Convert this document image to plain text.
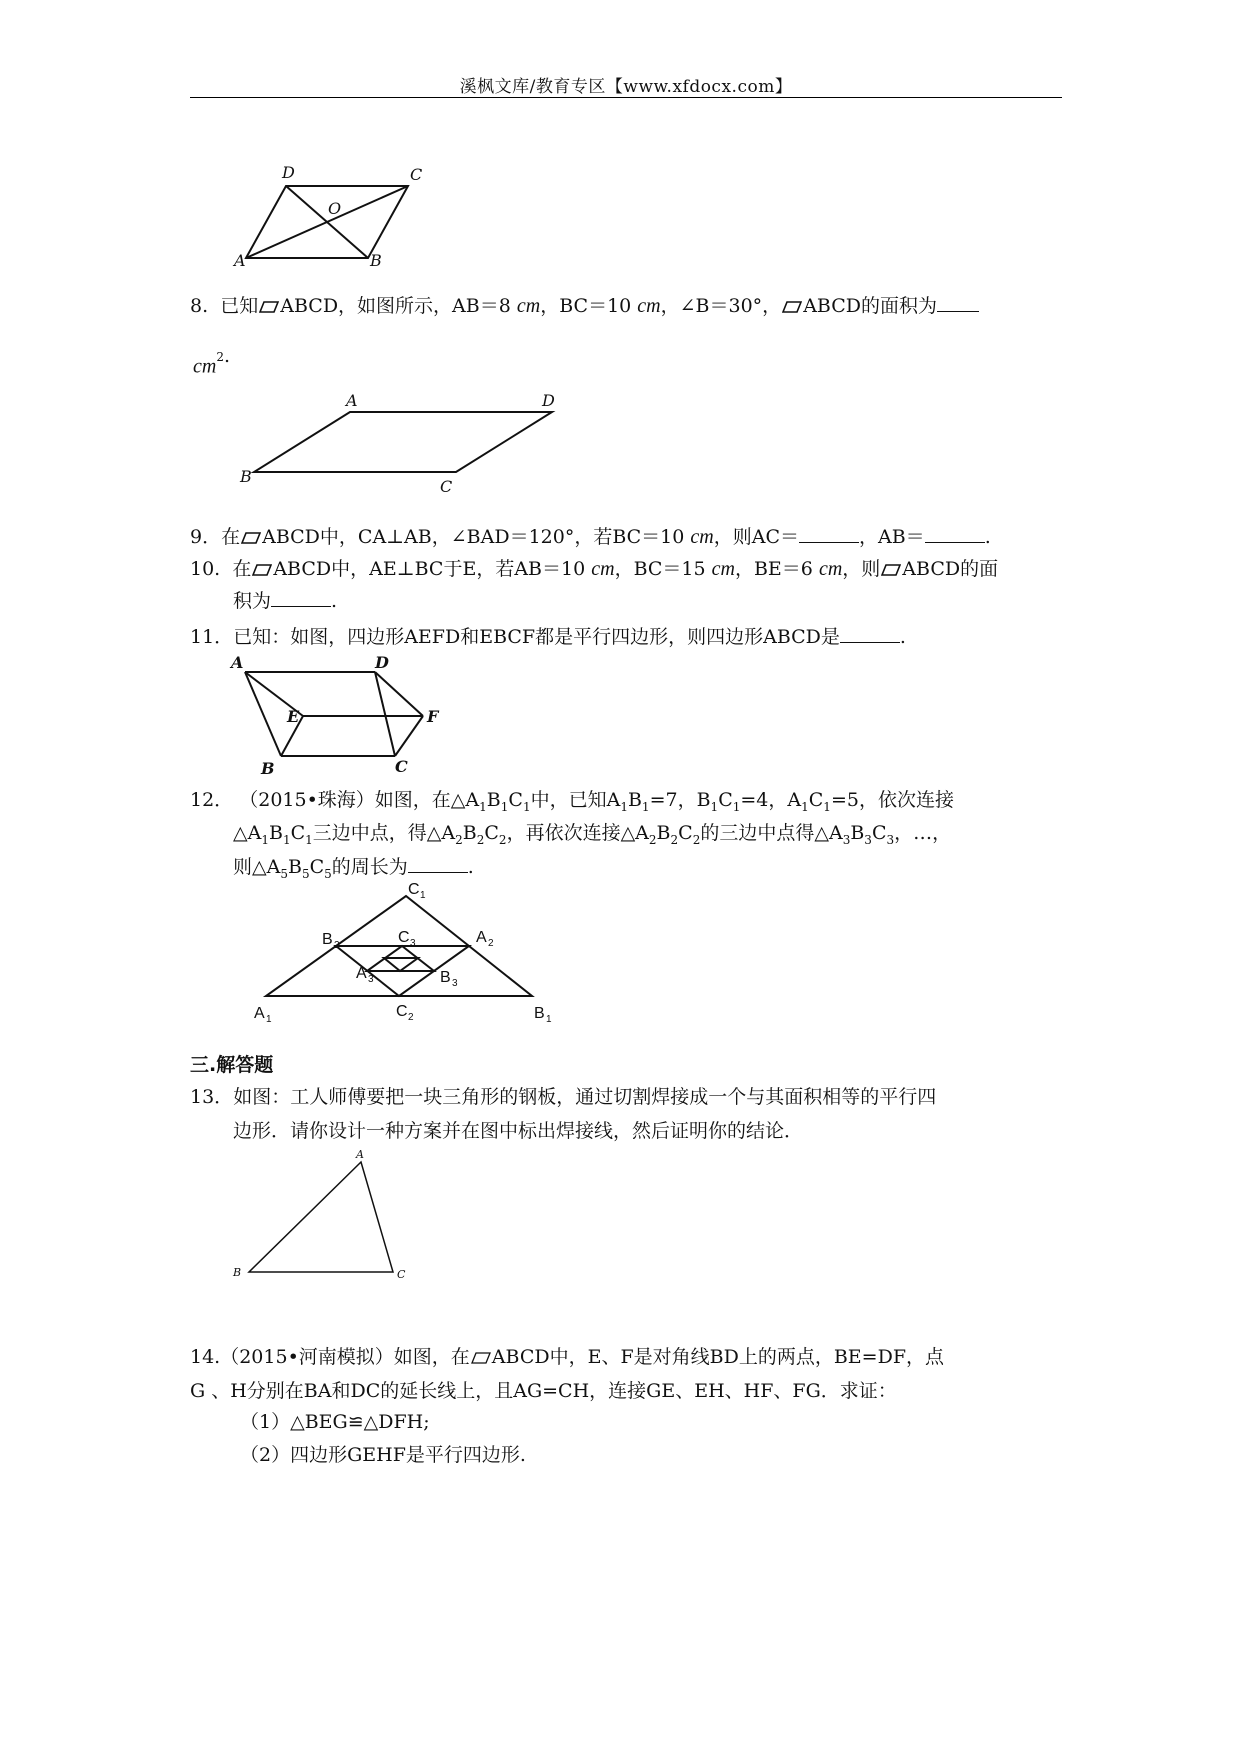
溪枫文库/教育专区【www.xfdocx.com】
D	C
O
A	B
8. 已知 ABCD，如图所示，AB＝8 cm，BC＝10 cm，∠B＝30°， ABCD的面积为
$cm^2$.
A	D
B
C
9．在 ABCD中，CA⊥AB，∠BAD＝120°，若BC＝10 cm，则AC＝	，AB＝	.
10. 在 ABCD中，AE⊥BC于E，若AB＝10 cm，BC＝15 cm，BE＝6 cm，则 ABCD的面
积为	.
11．已知：如图，四边形AEFD和EBCF都是平行四边形，则四边形ABCD是	.
A	D
E	F
B	C
12． （2015•珠海）如图，在$\triangle A_1B_1C_1$中，已知$A_1B_1=7$，$B_1C_1=4$，$A_1C_1=5$，依次连接
$\triangle A_1B_1C_1$三边中点，得$\triangle A_2B_2C_2$，再依次连接$\triangle A_2B_2C_2$的三边中点得$\triangle A_3B_3C_3$，…，
则$\triangle A_5B_5C_5$的周长为	.
C
B	C	A
A	B
A	C	B
1
2	3	2
3	3
1	2	1
三.解答题
13．如图：工人师傅要把一块三角形的钢板，通过切割焊接成一个与其面积相等的平行四
边形．请你设计一种方案并在图中标出焊接线，然后证明你的结论．
A
B	C
14.（2015•河南模拟）如图，在 ABCD中，E、F是对角线BD上的两点，BE=DF，点
G 、H分别在BA和DC的延长线上，且AG=CH，连接GE、EH、HF、FG．求证：
（1）△BEG≌△DFH;
（2）四边形GEHF是平行四边形.
